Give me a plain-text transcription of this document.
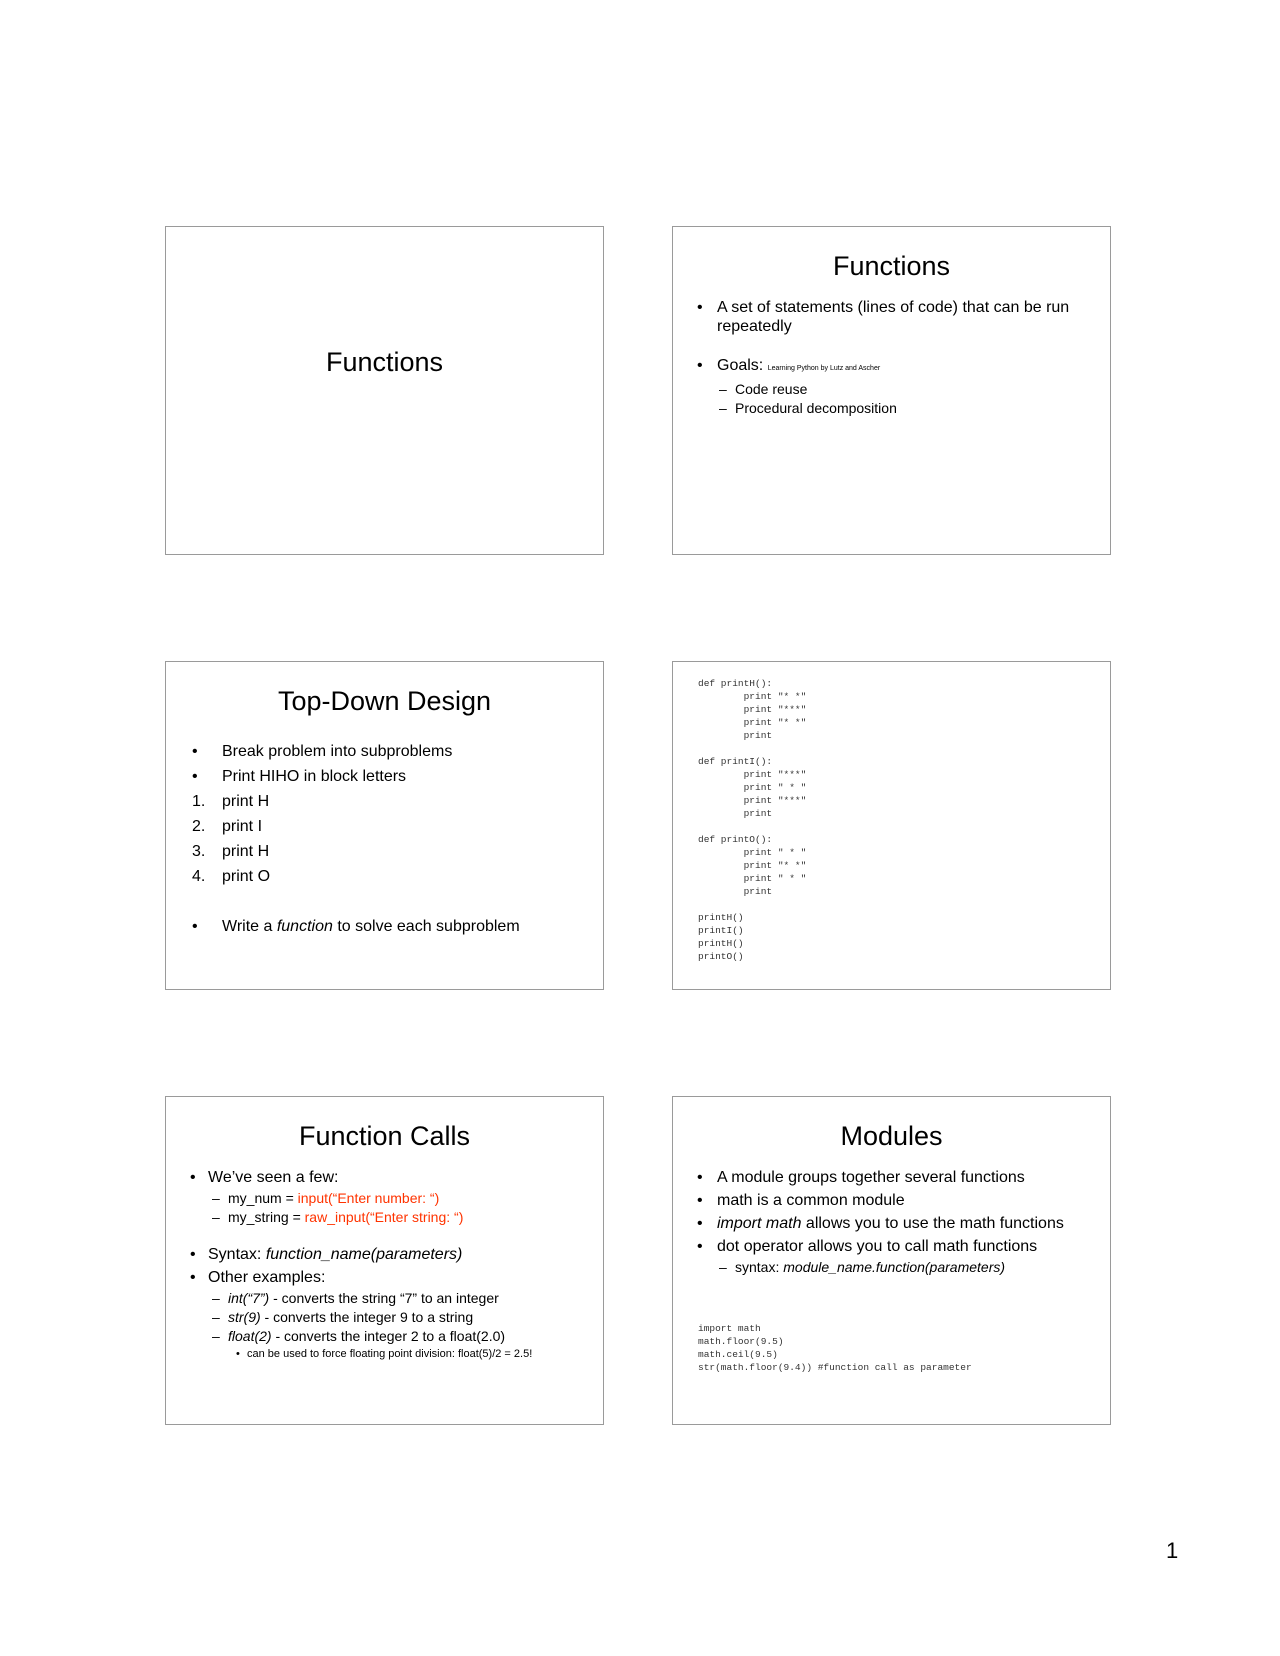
Functions
Functions
• A set of statements (lines of code) that can be run repeatedly
• Goals: Learning Python by Lutz and Ascher
– Code reuse
– Procedural decomposition
Top-Down Design
• Break problem into subproblems
• Print HIHO in block letters
1. print H
2. print I
3. print H
4. print O
• Write a function to solve each subproblem
def printH():
print "* *"
print "***"
print "* *"
print

def printI():
print "***"
print " * "
print "***"
print

def printO():
print " * "
print "* *"
print " * "
print

printH()
printI()
printH()
printO()
Function Calls
• We’ve seen a few:
– my_num = input(“Enter number: “)
– my_string = raw_input(“Enter string: “)
• Syntax: function_name(parameters)
• Other examples:
– int(“7”) - converts the string “7” to an integer
– str(9) - converts the integer 9 to a string
– float(2) - converts the integer 2 to a float(2.0)
• can be used to force floating point division: float(5)/2 = 2.5!
Modules
• A module groups together several functions
• math is a common module
• import math allows you to use the math functions
• dot operator allows you to call math functions
– syntax: module_name.function(parameters)
import math
math.floor(9.5)
math.ceil(9.5)
str(math.floor(9.4)) #function call as parameter
1
